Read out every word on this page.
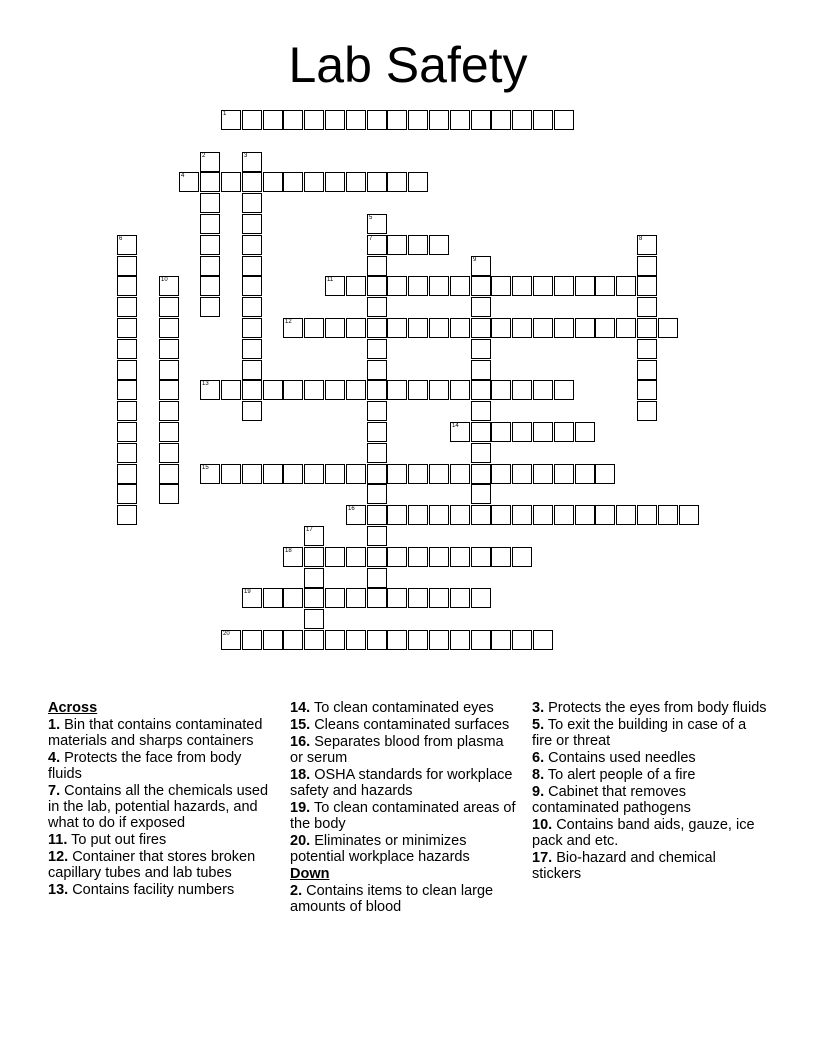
Lab Safety
1
2	3
4
5
7
6	8
9
10	11
12
13
14
15
16
17
18
19
20
Across
1. Bin that contains contaminated materials and sharps containers
4. Protects the face from body fluids
7. Contains all the chemicals used in the lab, potential hazards, and what to do if exposed
11. To put out fires
12. Container that stores broken capillary tubes and lab tubes
13. Contains facility numbers
14. To clean contaminated eyes
15. Cleans contaminated surfaces
16. Separates blood from plasma or serum
18. OSHA standards for workplace safety and hazards
19. To clean contaminated areas of the body
20. Eliminates or minimizes potential workplace hazards
Down
2. Contains items to clean large amounts of blood
3. Protects the eyes from body fluids
5. To exit the building in case of a fire or threat
6. Contains used needles
8. To alert people of a fire
9. Cabinet that removes contaminated pathogens
10. Contains band aids, gauze, ice pack and etc.
17. Bio-hazard and chemical stickers
